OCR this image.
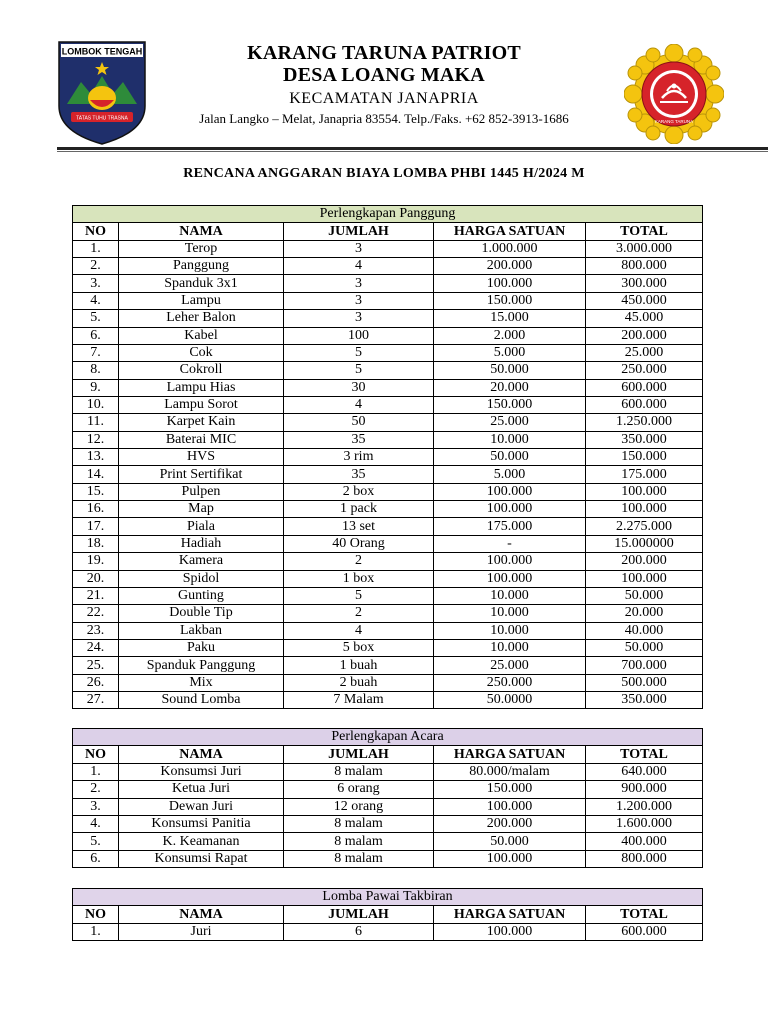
LOMBOK TENGAH
TATAS TUHU TRASNA
KARANG TARUNA PATRIOT
DESA LOANG MAKA
KECAMATAN JANAPRIA
Jalan Langko – Melat, Janapria 83554. Telp./Faks. +62 852-3913-1686	KARANG TARUNA
RENCANA ANGGARAN BIAYA LOMBA PHBI 1445 H/2024 M
Perlengkapan Panggung				
NO	NAMA	JUMLAH	HARGA SATUAN	TOTAL
1.	Terop	3	1.000.000	3.000.000
2.	Panggung	4	200.000	800.000
3.	Spanduk 3x1	3	100.000	300.000
4.	Lampu	3	150.000	450.000
5.	Leher Balon	3	15.000	45.000
6.	Kabel	100	2.000	200.000
7.	Cok	5	5.000	25.000
8.	Cokroll	5	50.000	250.000
9.	Lampu Hias	30	20.000	600.000
10.	Lampu Sorot	4	150.000	600.000
11.	Karpet Kain	50	25.000	1.250.000
12.	Baterai MIC	35	10.000	350.000
13.	HVS	3 rim	50.000	150.000
14.	Print Sertifikat	35	5.000	175.000
15.	Pulpen	2 box	100.000	100.000
16.	Map	1 pack	100.000	100.000
17.	Piala	13 set	175.000	2.275.000
18.	Hadiah	40 Orang	-	15.000000
19.	Kamera	2	100.000	200.000
20.	Spidol	1 box	100.000	100.000
21.	Gunting	5	10.000	50.000
22.	Double Tip	2	10.000	20.000
23.	Lakban	4	10.000	40.000
24.	Paku	5 box	10.000	50.000
25.	Spanduk Panggung	1 buah	25.000	700.000
26.	Mix	2 buah	250.000	500.000
27.	Sound Lomba	7 Malam	50.0000	350.000
Perlengkapan Acara				
NO	NAMA	JUMLAH	HARGA SATUAN	TOTAL
1.	Konsumsi Juri	8 malam	80.000/malam	640.000
2.	Ketua Juri	6 orang	150.000	900.000
3.	Dewan Juri	12 orang	100.000	1.200.000
4.	Konsumsi Panitia	8 malam	200.000	1.600.000
5.	K. Keamanan	8 malam	50.000	400.000
6.	Konsumsi Rapat	8 malam	100.000	800.000
Lomba Pawai Takbiran				
NO	NAMA	JUMLAH	HARGA SATUAN	TOTAL
1.	Juri	6	100.000	600.000
